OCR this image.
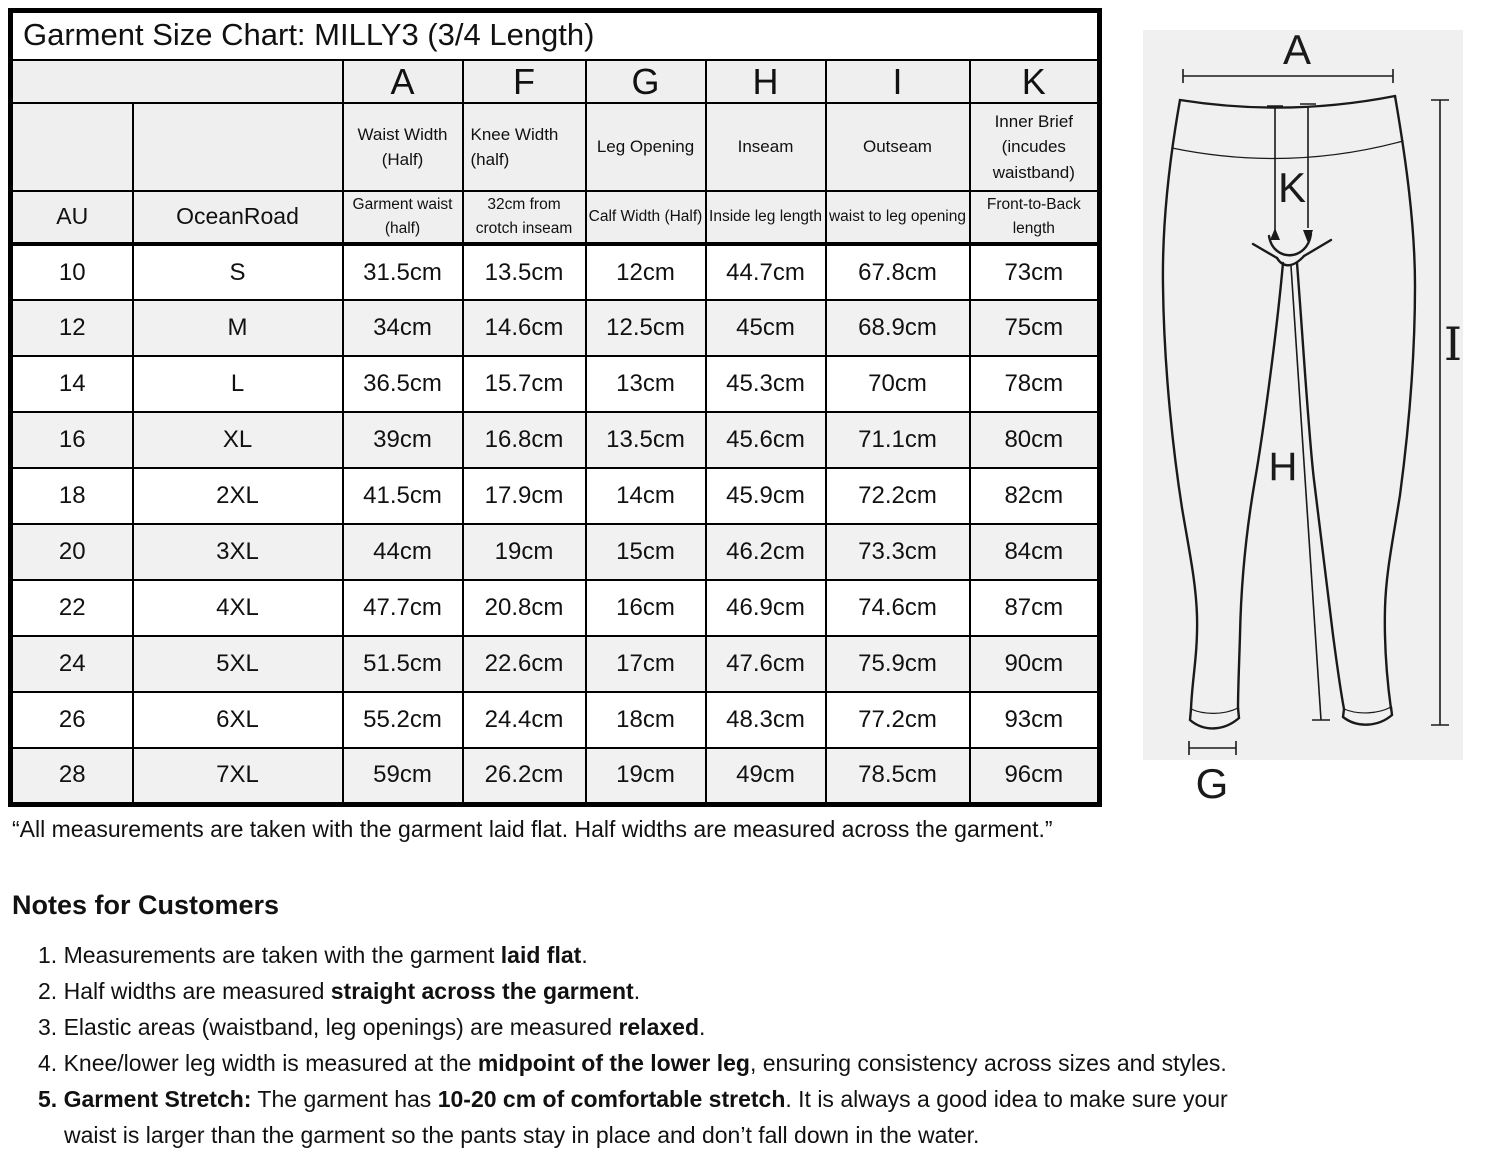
Garment Size Chart: MILLY3 (3/4 Length)							
		A	F	G	H	I	K
		Waist Width (Half)	Knee Width (half)	Leg Opening	Inseam	Outseam	Inner Brief (incudes waistband)
AU	OceanRoad	Garment waist (half)	32cm from crotch inseam	Calf Width (Half)	Inside leg length	waist to leg opening	Front-to-Back length
10	S	31.5cm	13.5cm	12cm	44.7cm	67.8cm	73cm
12	M	34cm	14.6cm	12.5cm	45cm	68.9cm	75cm
14	L	36.5cm	15.7cm	13cm	45.3cm	70cm	78cm
16	XL	39cm	16.8cm	13.5cm	45.6cm	71.1cm	80cm
18	2XL	41.5cm	17.9cm	14cm	45.9cm	72.2cm	82cm
20	3XL	44cm	19cm	15cm	46.2cm	73.3cm	84cm
22	4XL	47.7cm	20.8cm	16cm	46.9cm	74.6cm	87cm
24	5XL	51.5cm	22.6cm	17cm	47.6cm	75.9cm	90cm
26	6XL	55.2cm	24.4cm	18cm	48.3cm	77.2cm	93cm
28	7XL	59cm	26.2cm	19cm	49cm	78.5cm	96cm
“All measurements are taken with the garment laid flat. Half widths are measured across the garment.”
Notes for Customers
1. Measurements are taken with the garment laid flat.
2. Half widths are measured straight across the garment.
3. Elastic areas (waistband, leg openings) are measured relaxed.
4. Knee/lower leg width is measured at the midpoint of the lower leg, ensuring consistency across sizes and styles.
5. Garment Stretch: The garment has 10-20 cm of comfortable stretch. It is always a good idea to make sure your
waist is larger than the garment so the pants stay in place and don’t fall down in the water.
A
K
H
I
G
